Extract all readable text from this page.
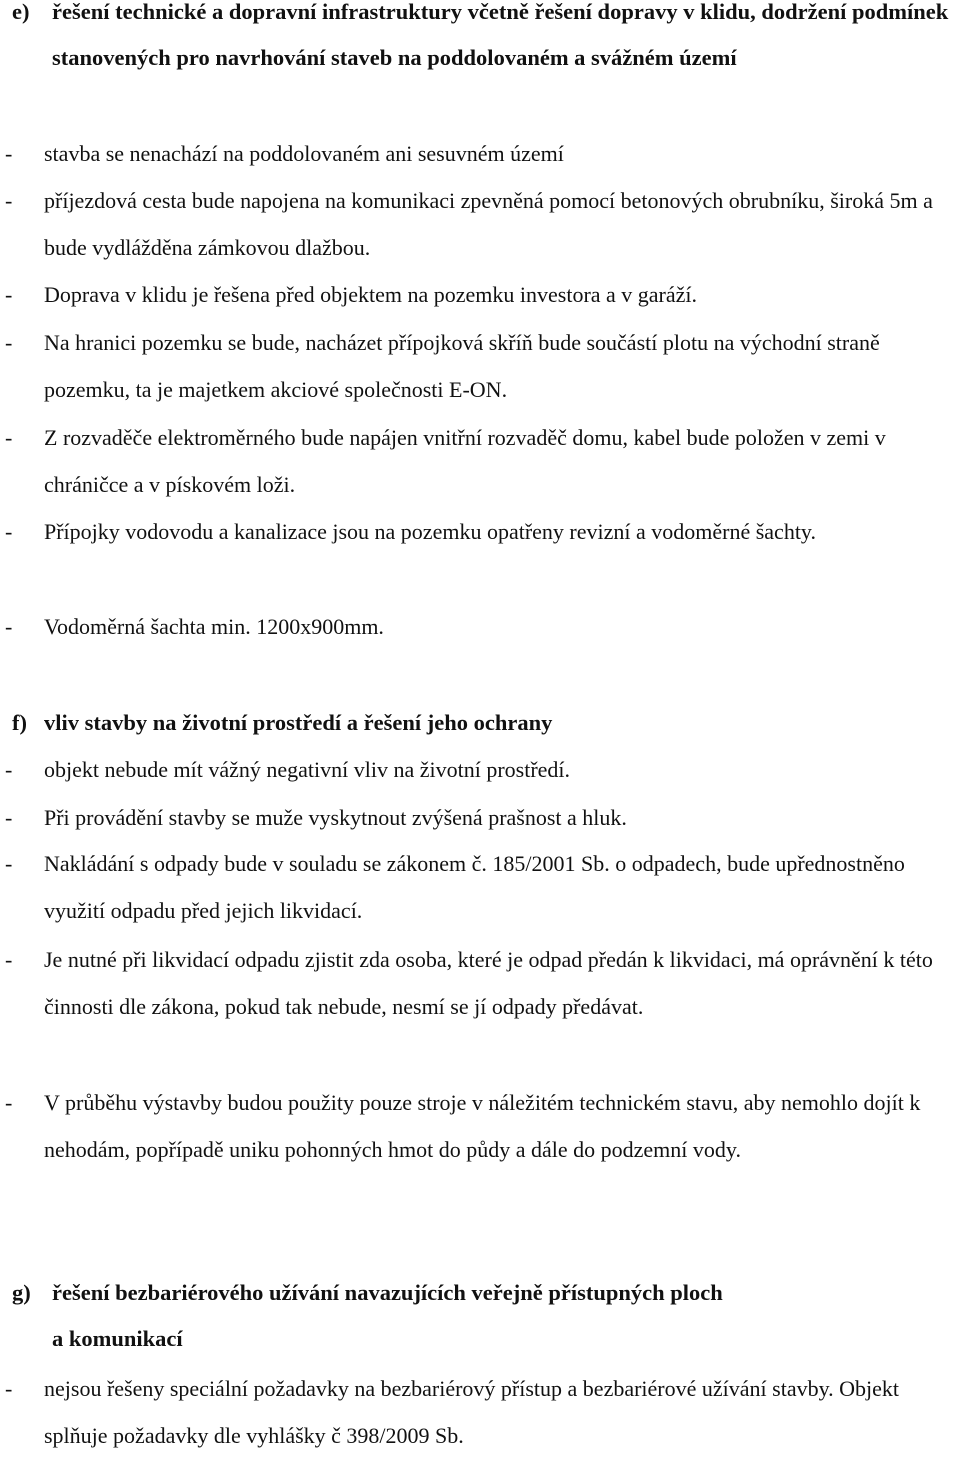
e)	řešení technické a dopravní infrastruktury včetně řešení dopravy v klidu, dodržení podmínek stanovených pro navrhování staveb na poddolovaném a svážném území
-	stavba se nenachází na poddolovaném ani sesuvném území
-	příjezdová cesta bude napojena na komunikaci zpevněná pomocí betonových obrubníku, široká 5m a bude vydlážděna zámkovou dlažbou.
-	Doprava v klidu je řešena před objektem na pozemku investora a v garáží.
-	Na hranici pozemku se bude, nacházet přípojková skříň bude součástí plotu na východní straně pozemku, ta je majetkem akciové společnosti E-ON.
-	Z rozvaděče elektroměrného bude napájen vnitřní rozvaděč domu, kabel bude položen v zemi v chráničce a v pískovém loži.
-	Přípojky vodovodu a kanalizace jsou na pozemku opatřeny revizní a vodoměrné šachty.
-	Vodoměrná šachta min. 1200x900mm.
f) vliv stavby na životní prostředí a řešení jeho ochrany
-	objekt nebude mít vážný negativní vliv na životní prostředí.
-	Při provádění stavby se muže vyskytnout zvýšená prašnost a hluk.
-	Nakládání s odpady bude v souladu se zákonem č. 185/2001 Sb. o odpadech, bude upřednostněno využití odpadu před jejich likvidací.
-	Je nutné při likvidací odpadu zjistit zda osoba, které je odpad předán k likvidaci, má oprávnění k této činnosti dle zákona, pokud tak nebude, nesmí se jí odpady předávat.
-	V průběhu výstavby budou použity pouze stroje v náležitém technickém stavu, aby nemohlo dojít k nehodám, popřípadě uniku pohonných hmot do půdy a dále do podzemní vody.
g) řešení bezbariérového užívání navazujících veřejně přístupných ploch
a komunikací
-	nejsou řešeny speciální požadavky na bezbariérový přístup a bezbariérové užívání stavby. Objekt splňuje požadavky dle vyhlášky č 398/2009 Sb.
